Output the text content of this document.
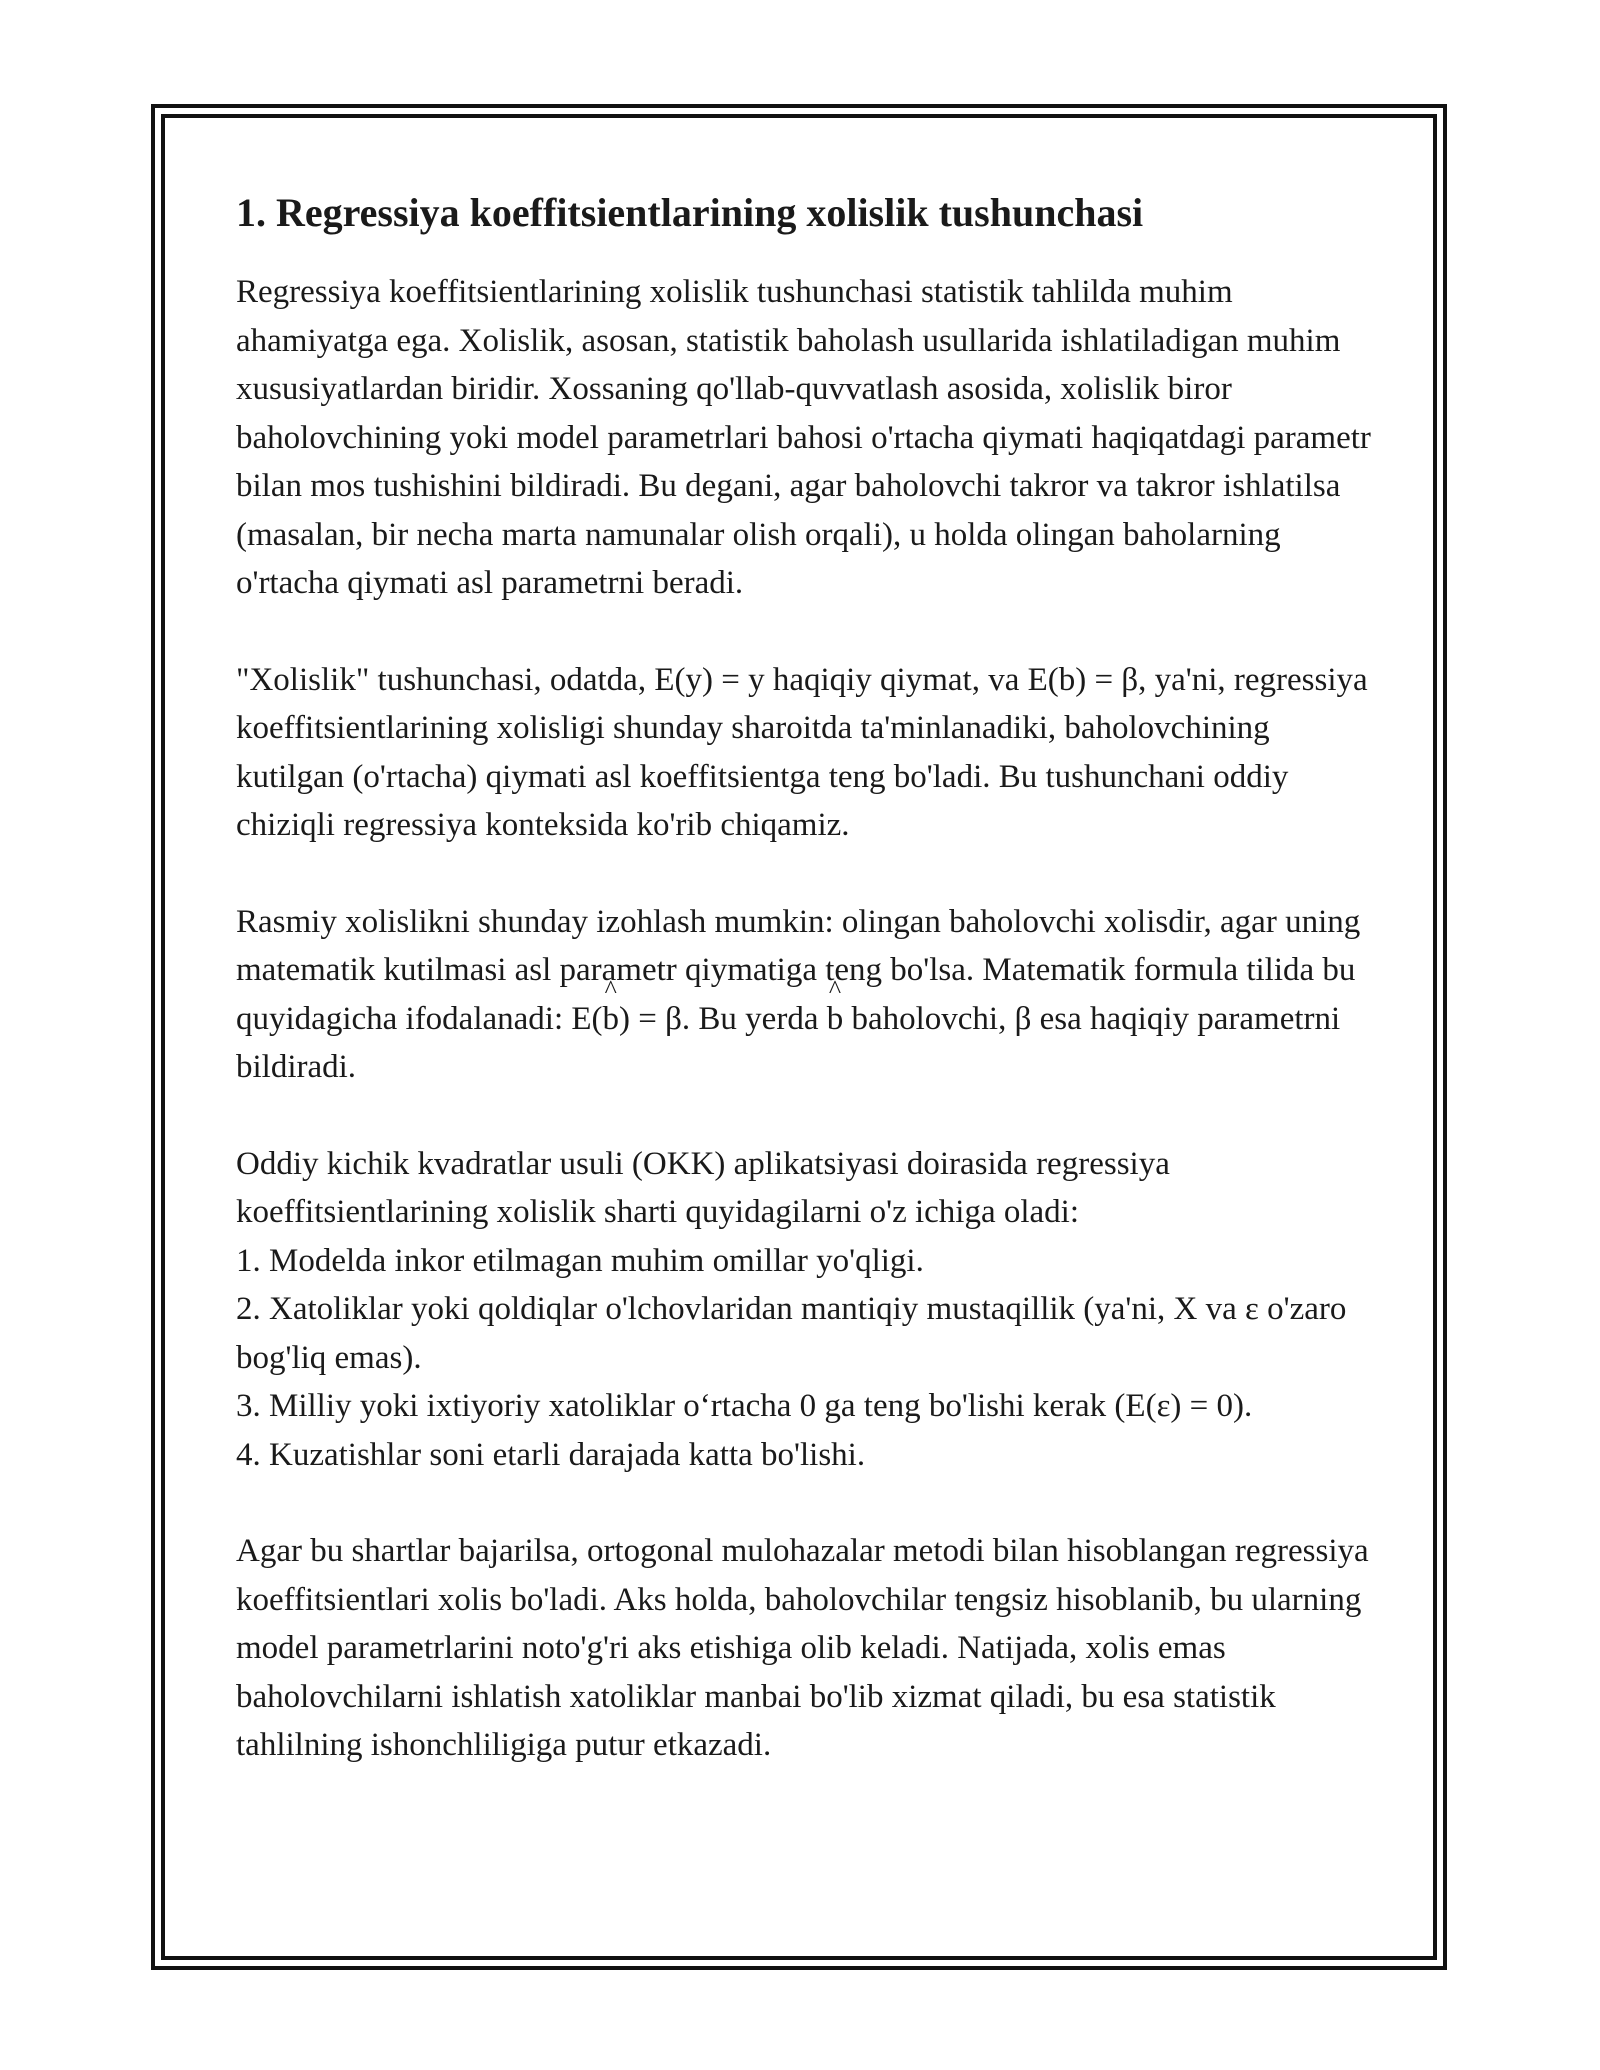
1. Regressiya koeffitsientlarining xolislik tushunchasi

Regressiya koeffitsientlarining xolislik tushunchasi statistik tahlilda muhim ahamiyatga ega. Xolislik, asosan, statistik baholash usullarida ishlatiladigan muhim xususiyatlardan biridir. Xossaning qo'llab-quvvatlash asosida, xolislik biror baholovchining yoki model parametrlari bahosi o'rtacha qiymati haqiqatdagi parametr bilan mos tushishini bildiradi. Bu degani, agar baholovchi takror va takror ishlatilsa (masalan, bir necha marta namunalar olish orqali), u holda olingan baholarning o'rtacha qiymati asl parametrni beradi.

"Xolislik" tushunchasi, odatda, E(y) = y haqiqiy qiymat, va E(b) = β, ya'ni, regressiya koeffitsientlarining xolisligi shunday sharoitda ta'minlanadiki, baholovchining kutilgan (o'rtacha) qiymati asl koeffitsientga teng bo'ladi. Bu tushunchani oddiy chiziqli regressiya konteksida ko'rib chiqamiz.

Rasmiy xolislikni shunday izohlash mumkin: olingan baholovchi xolisdir, agar uning matematik kutilmasi asl parametr qiymatiga teng bo'lsa. Matematik formula tilida bu quyidagicha ifodalanadi: E(^ b) = β. Bu yerda ^ b baholovchi, β esa haqiqiy parametrni bildiradi.

Oddiy kichik kvadratlar usuli (OKK) aplikatsiyasi doirasida regressiya koeffitsientlarining xolislik sharti quyidagilarni o'z ichiga oladi:
1. Modelda inkor etilmagan muhim omillar yo'qligi.
2. Xatoliklar yoki qoldiqlar o'lchovlaridan mantiqiy mustaqillik (ya'ni, X va ε o'zaro bog'liq emas).
3. Milliy yoki ixtiyoriy xatoliklar o‘rtacha 0 ga teng bo'lishi kerak (E(ε) = 0).
4. Kuzatishlar soni etarli darajada katta bo'lishi.

Agar bu shartlar bajarilsa, ortogonal mulohazalar metodi bilan hisoblangan regressiya koeffitsientlari xolis bo'ladi. Aks holda, baholovchilar tengsiz hisoblanib, bu ularning model parametrlarini noto'g'ri aks etishiga olib keladi. Natijada, xolis emas baholovchilarni ishlatish xatoliklar manbai bo'lib xizmat qiladi, bu esa statistik tahlilning ishonchliligiga putur etkazadi.
